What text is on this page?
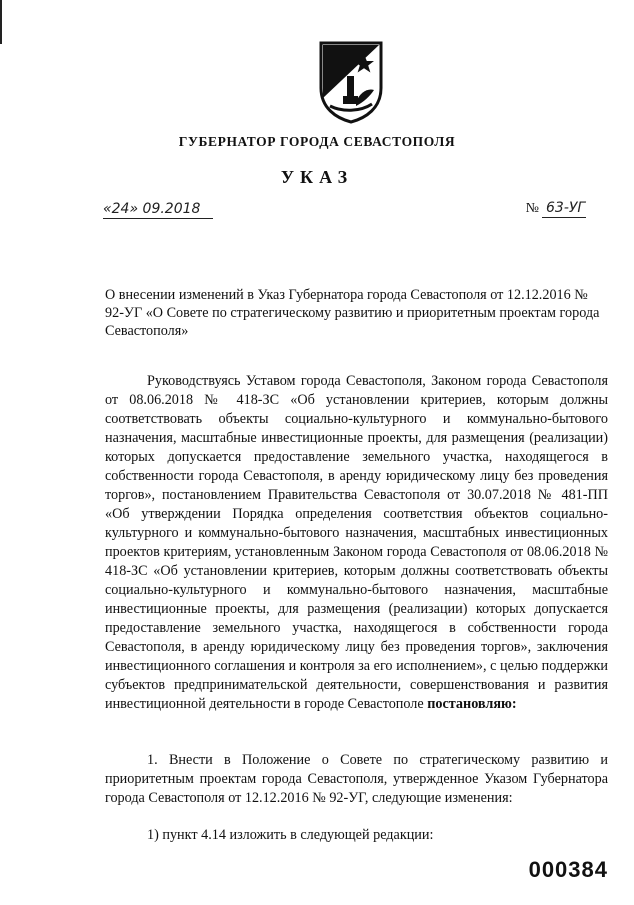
ГУБЕРНАТОР ГОРОДА СЕВАСТОПОЛЯ
УКАЗ
«24» 09.2018	№ 63-УГ
О внесении изменений в Указ Губернатора города Севастополя от 12.12.2016 № 92-УГ «О Совете по стратегическому развитию и приоритетным проектам города Севастополя»
Руководствуясь Уставом города Севастополя, Законом города Севастополя от 08.06.2018 № 418-ЗС «Об установлении критериев, которым должны соответствовать объекты социально-культурного и коммунально-бытового назначения, масштабные инвестиционные проекты, для размещения (реализации) которых допускается предоставление земельного участка, находящегося в собственности города Севастополя, в аренду юридическому лицу без проведения торгов», постановлением Правительства Севастополя от 30.07.2018 № 481-ПП «Об утверждении Порядка определения соответствия объектов социально-культурного и коммунально-бытового назначения, масштабных инвестиционных проектов критериям, установленным Законом города Севастополя от 08.06.2018 № 418-ЗС «Об установлении критериев, которым должны соответствовать объекты социально-культурного и коммунально-бытового назначения, масштабные инвестиционные проекты, для размещения (реализации) которых допускается предоставление земельного участка, находящегося в собственности города Севастополя, в аренду юридическому лицу без проведения торгов», заключения инвестиционного соглашения и контроля за его исполнением», с целью поддержки субъектов предпринимательской деятельности, совершенствования и развития инвестиционной деятельности в городе Севастополе постановляю:
1. Внести в Положение о Совете по стратегическому развитию и приоритетным проектам города Севастополя, утвержденное Указом Губернатора города Севастополя от 12.12.2016 № 92-УГ, следующие изменения:
1) пункт 4.14 изложить в следующей редакции:
000384
